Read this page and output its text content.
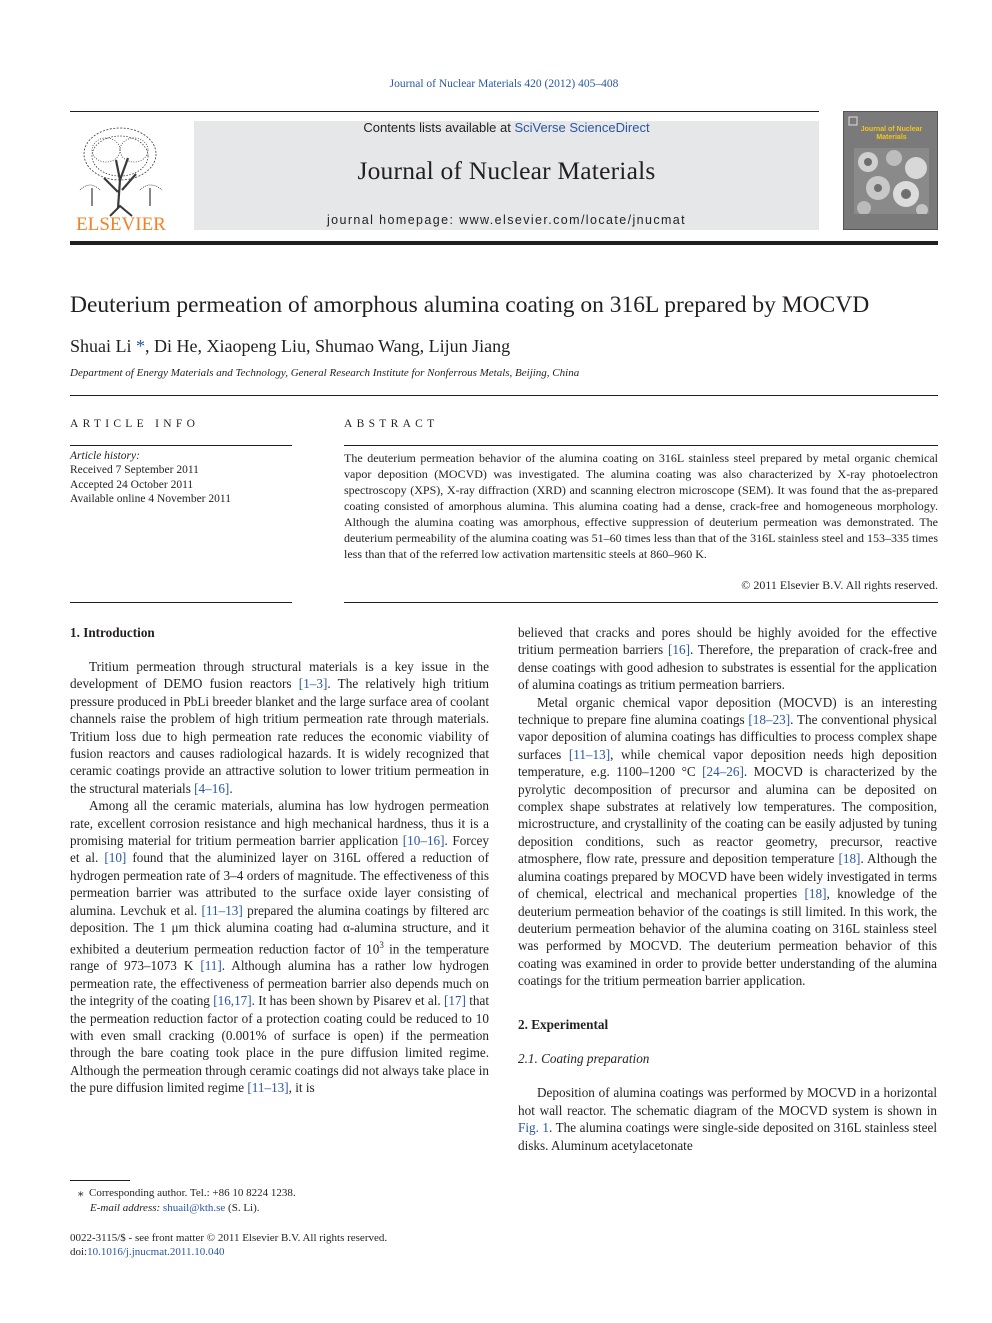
Journal of Nuclear Materials 420 (2012) 405–408
ELSEVIER
Contents lists available at SciVerse ScienceDirect
Journal of Nuclear Materials
journal homepage: www.elsevier.com/locate/jnucmat
Journal of Nuclear Materials
Deuterium permeation of amorphous alumina coating on 316L prepared by MOCVD
Shuai Li *, Di He, Xiaopeng Liu, Shumao Wang, Lijun Jiang
Department of Energy Materials and Technology, General Research Institute for Nonferrous Metals, Beijing, China
ARTICLE INFO	ABSTRACT
Article history:
Received 7 September 2011
Accepted 24 October 2011
Available online 4 November 2011
The deuterium permeation behavior of the alumina coating on 316L stainless steel prepared by metal organic chemical vapor deposition (MOCVD) was investigated. The alumina coating was also characterized by X-ray photoelectron spectroscopy (XPS), X-ray diffraction (XRD) and scanning electron microscope (SEM). It was found that the as-prepared coating consisted of amorphous alumina. This alumina coating had a dense, crack-free and homogeneous morphology. Although the alumina coating was amorphous, effective suppression of deuterium permeation was demonstrated. The deuterium permeability of the alumina coating was 51–60 times less than that of the 316L stainless steel and 153–335 times less than that of the referred low activation martensitic steels at 860–960 K.
© 2011 Elsevier B.V. All rights reserved.
1. Introduction

Tritium permeation through structural materials is a key issue in the development of DEMO fusion reactors [1–3]. The relatively high tritium pressure produced in PbLi breeder blanket and the large surface area of coolant channels raise the problem of high tritium permeation rate through materials. Tritium loss due to high permeation rate reduces the economic viability of fusion reactors and causes radiological hazards. It is widely recognized that ceramic coatings provide an attractive solution to lower tritium permeation in the structural materials [4–16].

Among all the ceramic materials, alumina has low hydrogen permeation rate, excellent corrosion resistance and high mechanical hardness, thus it is a promising material for tritium permeation barrier application [10–16]. Forcey et al. [10] found that the aluminized layer on 316L offered a reduction of hydrogen permeation rate of 3–4 orders of magnitude. The effectiveness of this permeation barrier was attributed to the surface oxide layer consisting of alumina. Levchuk et al. [11–13] prepared the alumina coatings by filtered arc deposition. The 1 μm thick alumina coating had α-alumina structure, and it exhibited a deuterium permeation reduction factor of $10^3$ in the temperature range of 973–1073 K [11]. Although alumina has a rather low hydrogen permeation rate, the effectiveness of permeation barrier also depends much on the integrity of the coating [16,17]. It has been shown by Pisarev et al. [17] that the permeation reduction factor of a protection coating could be reduced to 10 with even small cracking (0.001% of surface is open) if the permeation through the bare coating took place in the pure diffusion limited regime. Although the permeation through ceramic coatings did not always take place in the pure diffusion limited regime [11–13], it is

believed that cracks and pores should be highly avoided for the effective tritium permeation barriers [16]. Therefore, the preparation of crack-free and dense coatings with good adhesion to substrates is essential for the application of alumina coatings as tritium permeation barriers.

Metal organic chemical vapor deposition (MOCVD) is an interesting technique to prepare fine alumina coatings [18–23]. The conventional physical vapor deposition of alumina coatings has difficulties to process complex shape surfaces [11–13], while chemical vapor deposition needs high deposition temperature, e.g. 1100–1200 °C [24–26]. MOCVD is characterized by the pyrolytic decomposition of precursor and alumina can be deposited on complex shape substrates at relatively low temperatures. The composition, microstructure, and crystallinity of the coating can be easily adjusted by tuning deposition conditions, such as reactor geometry, precursor, reactive atmosphere, flow rate, pressure and deposition temperature [18]. Although the alumina coatings prepared by MOCVD have been widely investigated in terms of chemical, electrical and mechanical properties [18], knowledge of the deuterium permeation behavior of the coatings is still limited. In this work, the deuterium permeation behavior of the alumina coating on 316L stainless steel was performed by MOCVD. The deuterium permeation behavior of this coating was examined in order to provide better understanding of the alumina coatings for the tritium permeation barrier application.

2. Experimental
2.1. Coating preparation

Deposition of alumina coatings was performed by MOCVD in a horizontal hot wall reactor. The schematic diagram of the MOCVD system is shown in Fig. 1. The alumina coatings were single-side deposited on 316L stainless steel disks. Aluminum acetylacetonate

⁎ Corresponding author. Tel.: +86 10 8224 1238.
E-mail address: shuail@kth.se (S. Li).
0022-3115/$ - see front matter © 2011 Elsevier B.V. All rights reserved.
doi:10.1016/j.jnucmat.2011.10.040
